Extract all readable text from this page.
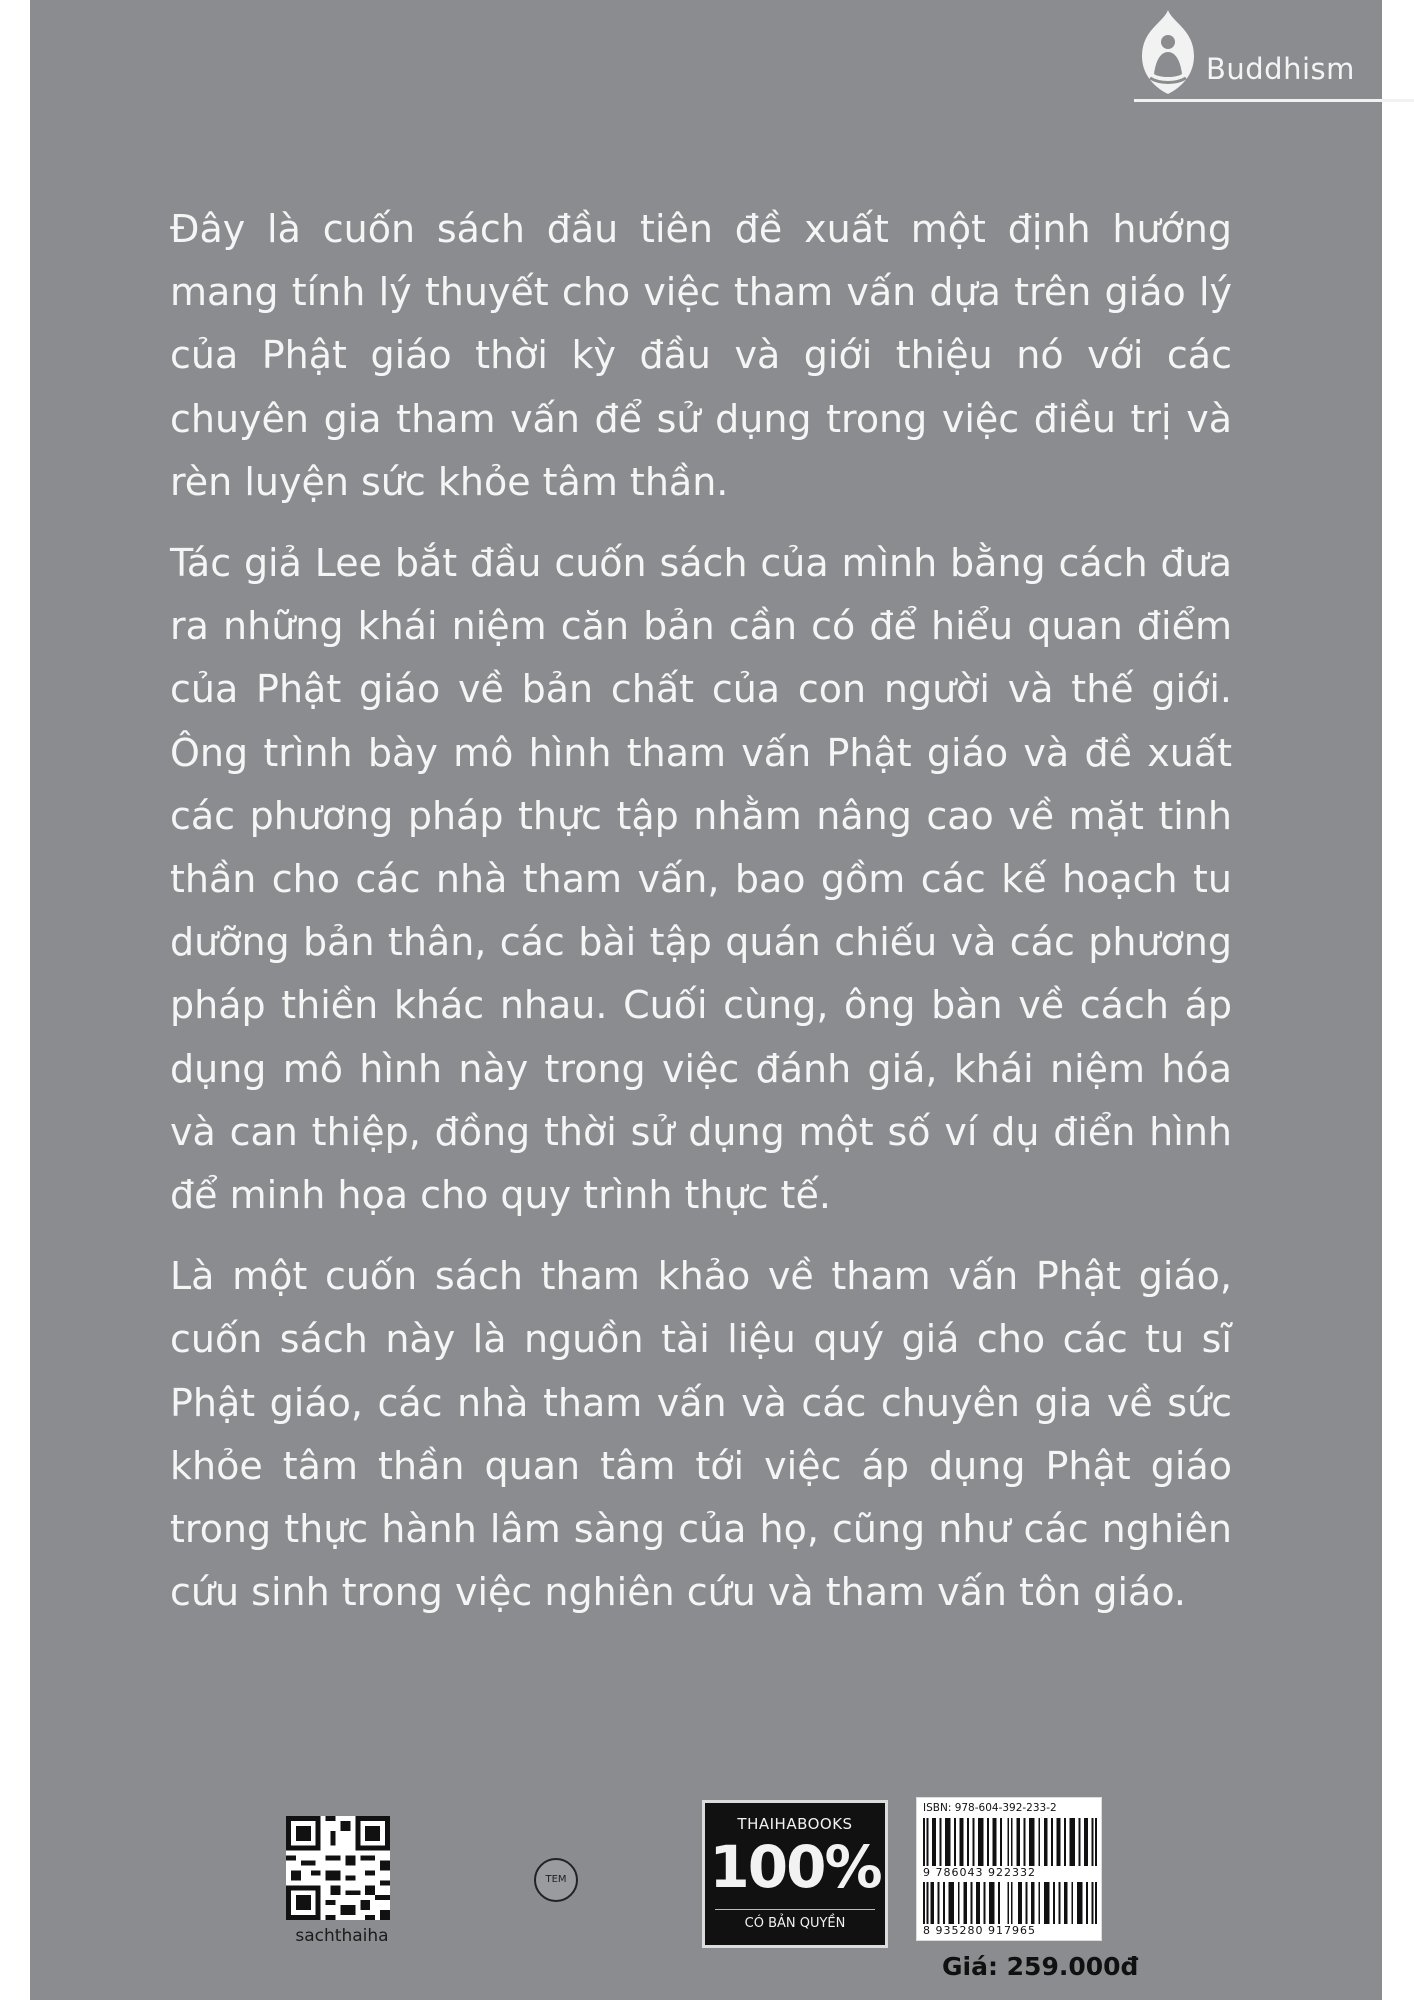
Buddhism

Đây là cuốn sách đầu tiên đề xuất một định hướng mang tính lý thuyết cho việc tham vấn dựa trên giáo lý của Phật giáo thời kỳ đầu và giới thiệu nó với các chuyên gia tham vấn để sử dụng trong việc điều trị và rèn luyện sức khỏe tâm thần.

Tác giả Lee bắt đầu cuốn sách của mình bằng cách đưa ra những khái niệm căn bản cần có để hiểu quan điểm của Phật giáo về bản chất của con người và thế giới. Ông trình bày mô hình tham vấn Phật giáo và đề xuất các phương pháp thực tập nhằm nâng cao về mặt tinh thần cho các nhà tham vấn, bao gồm các kế hoạch tu dưỡng bản thân, các bài tập quán chiếu và các phương pháp thiền khác nhau. Cuối cùng, ông bàn về cách áp dụng mô hình này trong việc đánh giá, khái niệm hóa và can thiệp, đồng thời sử dụng một số ví dụ điển hình để minh họa cho quy trình thực tế.

Là một cuốn sách tham khảo về tham vấn Phật giáo, cuốn sách này là nguồn tài liệu quý giá cho các tu sĩ Phật giáo, các nhà tham vấn và các chuyên gia về sức khỏe tâm thần quan tâm tới việc áp dụng Phật giáo trong thực hành lâm sàng của họ, cũng như các nghiên cứu sinh trong việc nghiên cứu và tham vấn tôn giáo.

sachthaiha
TEM
THAIHABOOKS
100%
CÓ BẢN QUYỀN
ISBN: 978-604-392-233-2
9 786043 922332
8 935280 917965
Giá: 259.000đ
